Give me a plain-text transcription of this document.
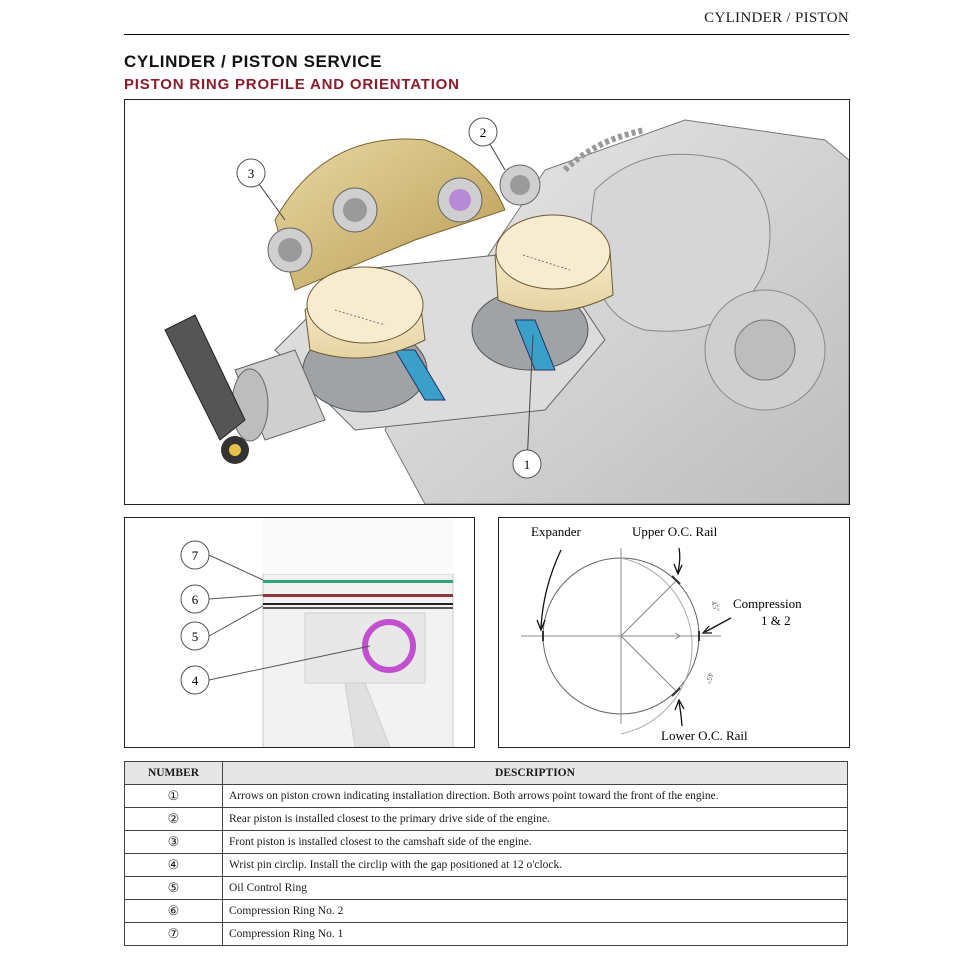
CYLINDER / PISTON
CYLINDER / PISTON SERVICE
PISTON RING PROFILE AND ORIENTATION
3
2
1
7
6
5
4
Expander	Upper O.C. Rail
Compression
1 & 2
Lower O.C. Rail
45°
45°
NUMBER	DESCRIPTION
①	Arrows on piston crown indicating installation direction. Both arrows point toward the front of the engine.
②	Rear piston is installed closest to the primary drive side of the engine.
③	Front piston is installed closest to the camshaft side of the engine.
④	Wrist pin circlip. Install the circlip with the gap positioned at 12 o'clock.
⑤	Oil Control Ring
⑥	Compression Ring No. 2
⑦	Compression Ring No. 1
